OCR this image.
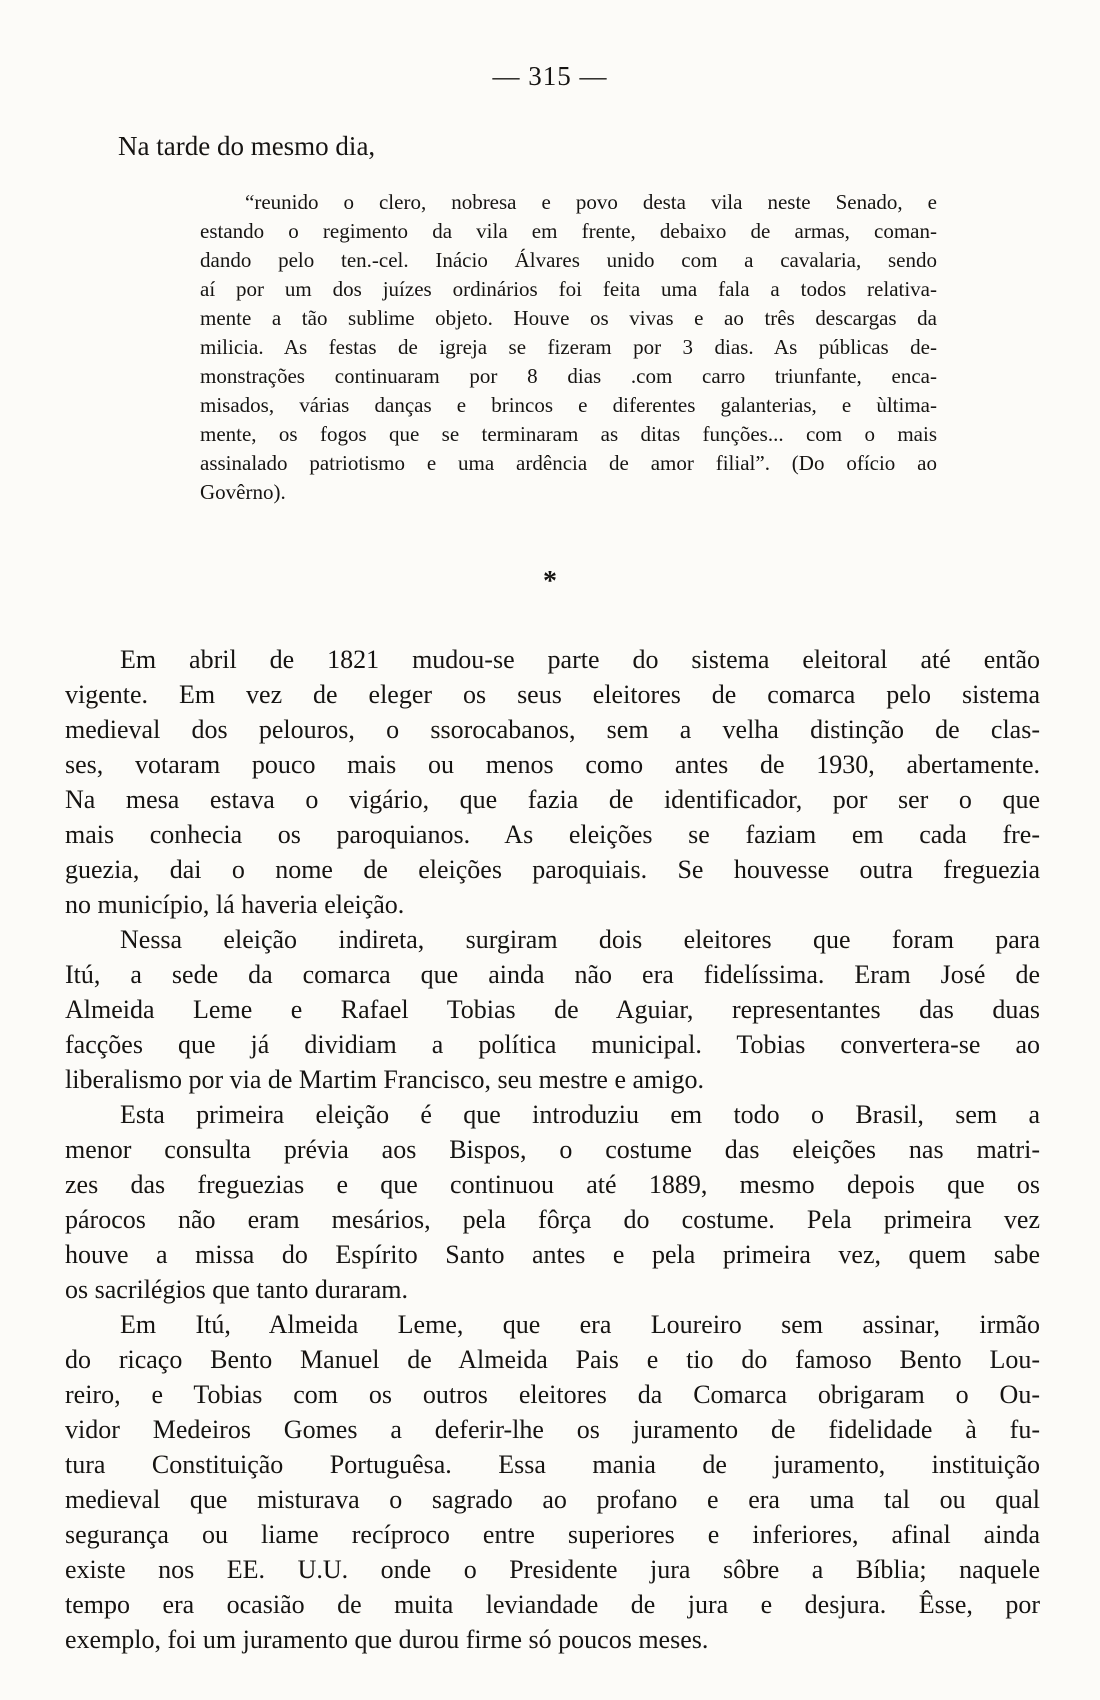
— 315 —
Na tarde do mesmo dia,
“reunido o clero, nobresa e povo desta vila neste Senado, e
estando o regimento da vila em frente, debaixo de armas, coman-
dando pelo ten.-cel. Inácio Álvares unido com a cavalaria, sendo
aí por um dos juízes ordinários foi feita uma fala a todos relativa-
mente a tão sublime objeto. Houve os vivas e ao três descargas da
milicia. As festas de igreja se fizeram por 3 dias. As públicas de-
monstrações continuaram por 8 dias .com carro triunfante, enca-
misados, várias danças e brincos e diferentes galanterias, e ùltima-
mente, os fogos que se terminaram as ditas funções... com o mais
assinalado patriotismo e uma ardência de amor filial”. (Do ofício ao
Govêrno).
*
Em abril de 1821 mudou-se parte do sistema eleitoral até então
vigente. Em vez de eleger os seus eleitores de comarca pelo sistema
medieval dos pelouros, o ssorocabanos, sem a velha distinção de clas-
ses, votaram pouco mais ou menos como antes de 1930, abertamente.
Na mesa estava o vigário, que fazia de identificador, por ser o que
mais conhecia os paroquianos. As eleições se faziam em cada fre-
guezia, dai o nome de eleições paroquiais. Se houvesse outra freguezia
no município, lá haveria eleição.
Nessa eleição indireta, surgiram dois eleitores que foram para
Itú, a sede da comarca que ainda não era fidelíssima. Eram José de
Almeida Leme e Rafael Tobias de Aguiar, representantes das duas
facções que já dividiam a política municipal. Tobias convertera-se ao
liberalismo por via de Martim Francisco, seu mestre e amigo.
Esta primeira eleição é que introduziu em todo o Brasil, sem a
menor consulta prévia aos Bispos, o costume das eleições nas matri-
zes das freguezias e que continuou até 1889, mesmo depois que os
párocos não eram mesários, pela fôrça do costume. Pela primeira vez
houve a missa do Espírito Santo antes e pela primeira vez, quem sabe
os sacrilégios que tanto duraram.
Em Itú, Almeida Leme, que era Loureiro sem assinar, irmão
do ricaço Bento Manuel de Almeida Pais e tio do famoso Bento Lou-
reiro, e Tobias com os outros eleitores da Comarca obrigaram o Ou-
vidor Medeiros Gomes a deferir-lhe os juramento de fidelidade à fu-
tura Constituição Portuguêsa. Essa mania de juramento, instituição
medieval que misturava o sagrado ao profano e era uma tal ou qual
segurança ou liame recíproco entre superiores e inferiores, afinal ainda
existe nos EE. U.U. onde o Presidente jura sôbre a Bíblia; naquele
tempo era ocasião de muita leviandade de jura e desjura. Êsse, por
exemplo, foi um juramento que durou firme só poucos meses.
